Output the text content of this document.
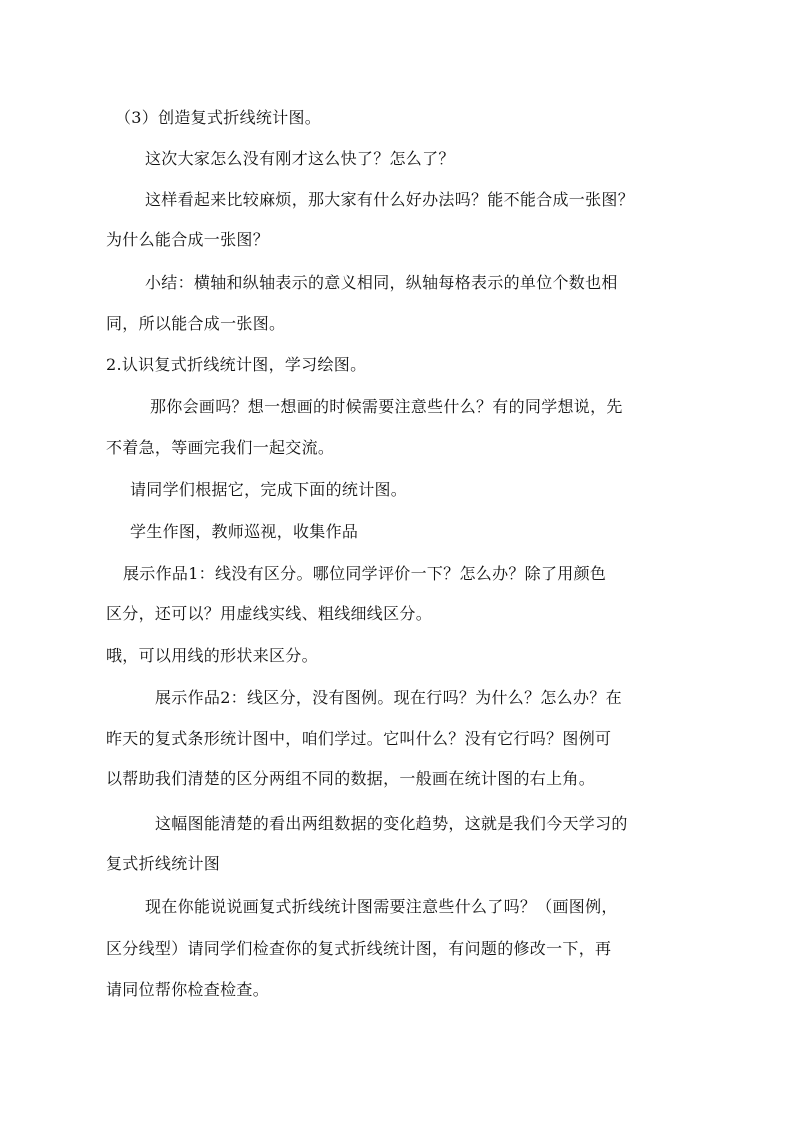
（3）创造复式折线统计图。
这次大家怎么没有刚才这么快了？怎么了？
这样看起来比较麻烦，那大家有什么好办法吗？能不能合成一张图？
为什么能合成一张图？
小结：横轴和纵轴表示的意义相同，纵轴每格表示的单位个数也相
同，所以能合成一张图。
2.认识复式折线统计图，学习绘图。
那你会画吗？想一想画的时候需要注意些什么？有的同学想说，先
不着急，等画完我们一起交流。
请同学们根据它，完成下面的统计图。
学生作图，教师巡视，收集作品
展示作品1：线没有区分。哪位同学评价一下？怎么办？除了用颜色
区分，还可以？用虚线实线、粗线细线区分。
哦，可以用线的形状来区分。
展示作品2：线区分，没有图例。现在行吗？为什么？怎么办？在
昨天的复式条形统计图中，咱们学过。它叫什么？没有它行吗？图例可
以帮助我们清楚的区分两组不同的数据，一般画在统计图的右上角。
这幅图能清楚的看出两组数据的变化趋势，这就是我们今天学习的
复式折线统计图
现在你能说说画复式折线统计图需要注意些什么了吗？（画图例，
区分线型）请同学们检查你的复式折线统计图，有问题的修改一下，再
请同位帮你检查检查。
